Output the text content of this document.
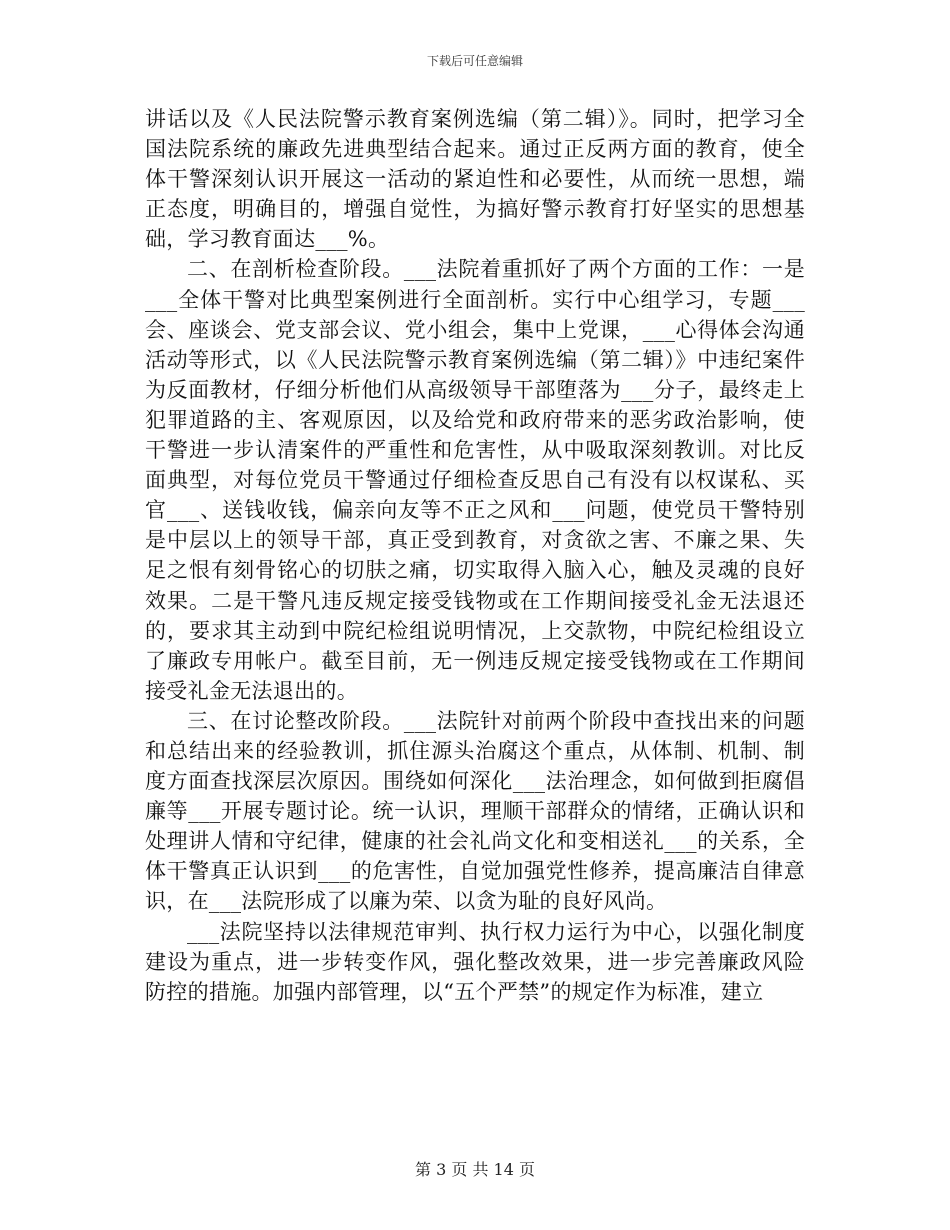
下载后可任意编辑

讲话以及《人民法院警示教育案例选编（第二辑）》。同时，把学习全国法院系统的廉政先进典型结合起来。通过正反两方面的教育，使全体干警深刻认识开展这一活动的紧迫性和必要性，从而统一思想，端正态度，明确目的，增强自觉性，为搞好警示教育打好坚实的思想基础，学习教育面达___%。

二、在剖析检查阶段。___法院着重抓好了两个方面的工作：一是___全体干警对比典型案例进行全面剖析。实行中心组学习，专题___会、座谈会、党支部会议、党小组会，集中上党课，___心得体会沟通活动等形式，以《人民法院警示教育案例选编（第二辑）》中违纪案件为反面教材，仔细分析他们从高级领导干部堕落为___分子，最终走上犯罪道路的主、客观原因，以及给党和政府带来的恶劣政治影响，使干警进一步认清案件的严重性和危害性，从中吸取深刻教训。对比反面典型，对每位党员干警通过仔细检查反思自己有没有以权谋私、买官___、送钱收钱，偏亲向友等不正之风和___问题，使党员干警特别是中层以上的领导干部，真正受到教育，对贪欲之害、不廉之果、失足之恨有刻骨铭心的切肤之痛，切实取得入脑入心，触及灵魂的良好效果。二是干警凡违反规定接受钱物或在工作期间接受礼金无法退还的，要求其主动到中院纪检组说明情况，上交款物，中院纪检组设立了廉政专用帐户。截至目前，无一例违反规定接受钱物或在工作期间接受礼金无法退出的。

三、在讨论整改阶段。___法院针对前两个阶段中查找出来的问题和总结出来的经验教训，抓住源头治腐这个重点，从体制、机制、制度方面查找深层次原因。围绕如何深化___法治理念，如何做到拒腐倡廉等___开展专题讨论。统一认识，理顺干部群众的情绪，正确认识和处理讲人情和守纪律，健康的社会礼尚文化和变相送礼___的关系，全体干警真正认识到___的危害性，自觉加强党性修养，提高廉洁自律意识，在___法院形成了以廉为荣、以贪为耻的良好风尚。

___法院坚持以法律规范审判、执行权力运行为中心，以强化制度建设为重点，进一步转变作风，强化整改效果，进一步完善廉政风险防控的措施。加强内部管理，以“五个严禁”的规定作为标准，建立

第 3 页 共 14 页
